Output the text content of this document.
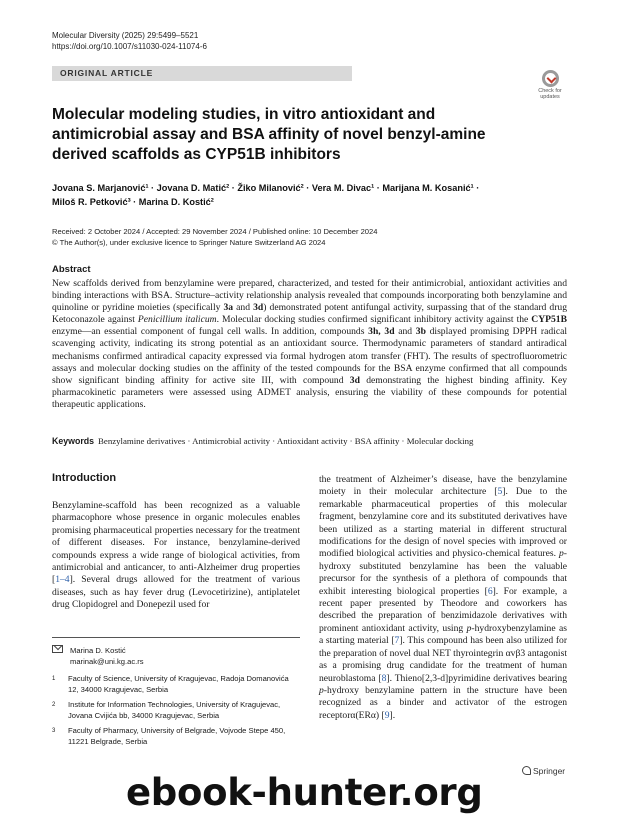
Molecular Diversity (2025) 29:5499–5521
https://doi.org/10.1007/s11030-024-11074-6
ORIGINAL ARTICLE
Check for
updates
Molecular modeling studies, in vitro antioxidant and antimicrobial assay and BSA affinity of novel benzyl-amine derived scaffolds as CYP51B inhibitors
Jovana S. Marjanović¹ · Jovana D. Matić² · Žiko Milanović² · Vera M. Divac¹ · Marijana M. Kosanić¹ ·
Miloš R. Petković³ · Marina D. Kostić²
Received: 2 October 2024 / Accepted: 29 November 2024 / Published online: 10 December 2024
© The Author(s), under exclusive licence to Springer Nature Switzerland AG 2024
Abstract
New scaffolds derived from benzylamine were prepared, characterized, and tested for their antimicrobial, antioxidant activities and binding interactions with BSA. Structure–activity relationship analysis revealed that compounds incorporating both benzylamine and quinoline or pyridine moieties (specifically 3a and 3d) demonstrated potent antifungal activity, surpassing that of the standard drug Ketoconazole against Penicillium italicum. Molecular docking studies confirmed significant inhibitory activity against the CYP51B enzyme—an essential component of fungal cell walls. In addition, compounds 3h, 3d and 3b displayed promising DPPH radical scavenging activity, indicating its strong potential as an antioxidant source. Thermodynamic parameters of standard antiradical mechanisms confirmed antiradical capacity expressed via formal hydrogen atom transfer (FHT). The results of spectrofluorometric assays and molecular docking studies on the affinity of the tested compounds for the BSA enzyme confirmed that all compounds show significant binding affinity for active site III, with compound 3d demonstrating the highest binding affinity. Key pharmacokinetic parameters were assessed using ADMET analysis, ensuring the viability of these compounds for potential therapeutic applications.
Keywords Benzylamine derivatives · Antimicrobial activity · Antioxidant activity · BSA affinity · Molecular docking
Introduction
Benzylamine-scaffold has been recognized as a valuable pharmacophore whose presence in organic molecules enables promising pharmaceutical properties necessary for the treatment of different diseases. For instance, benzylamine-derived compounds express a wide range of biological activities, from antimicrobial and anticancer, to anti-Alzheimer drug properties [1–4]. Several drugs allowed for the treatment of various diseases, such as hay fever drug (Levocetirizine), antiplatelet drug Clopidogrel and Donepezil used for
the treatment of Alzheimer’s disease, have the benzylamine moiety in their molecular architecture [5]. Due to the remarkable pharmaceutical properties of this molecular fragment, benzylamine core and its substituted derivatives have been utilized as a starting material in different structural modifications for the design of novel species with improved or modified biological activities and physico-chemical features. p-hydroxy substituted benzylamine has been the valuable precursor for the synthesis of a plethora of compounds that exhibit interesting biological properties [6]. For example, a recent paper presented by Theodore and coworkers has described the preparation of benzimidazole derivatives with prominent antioxidant activity, using p-hydroxybenzylamine as a starting material [7]. This compound has been also utilized for the preparation of novel dual NET thyrointegrin αvβ3 antagonist as a promising drug candidate for the treatment of human neuroblastoma [8]. Thieno[2,3-d]pyrimidine derivatives bearing p-hydroxy benzylamine pattern in the structure have been recognized as a binder and activator of the estrogen receptorα(ERα) [9].
Marina D. Kostić
marinak@uni.kg.ac.rs
1	Faculty of Science, University of Kragujevac, Radoja Domanovića 12, 34000 Kragujevac, Serbia
2	Institute for Information Technologies, University of Kragujevac, Jovana Cvijića bb, 34000 Kragujevac, Serbia
3	Faculty of Pharmacy, University of Belgrade, Vojvode Stepe 450, 11221 Belgrade, Serbia
Springer
ebook-hunter.org
